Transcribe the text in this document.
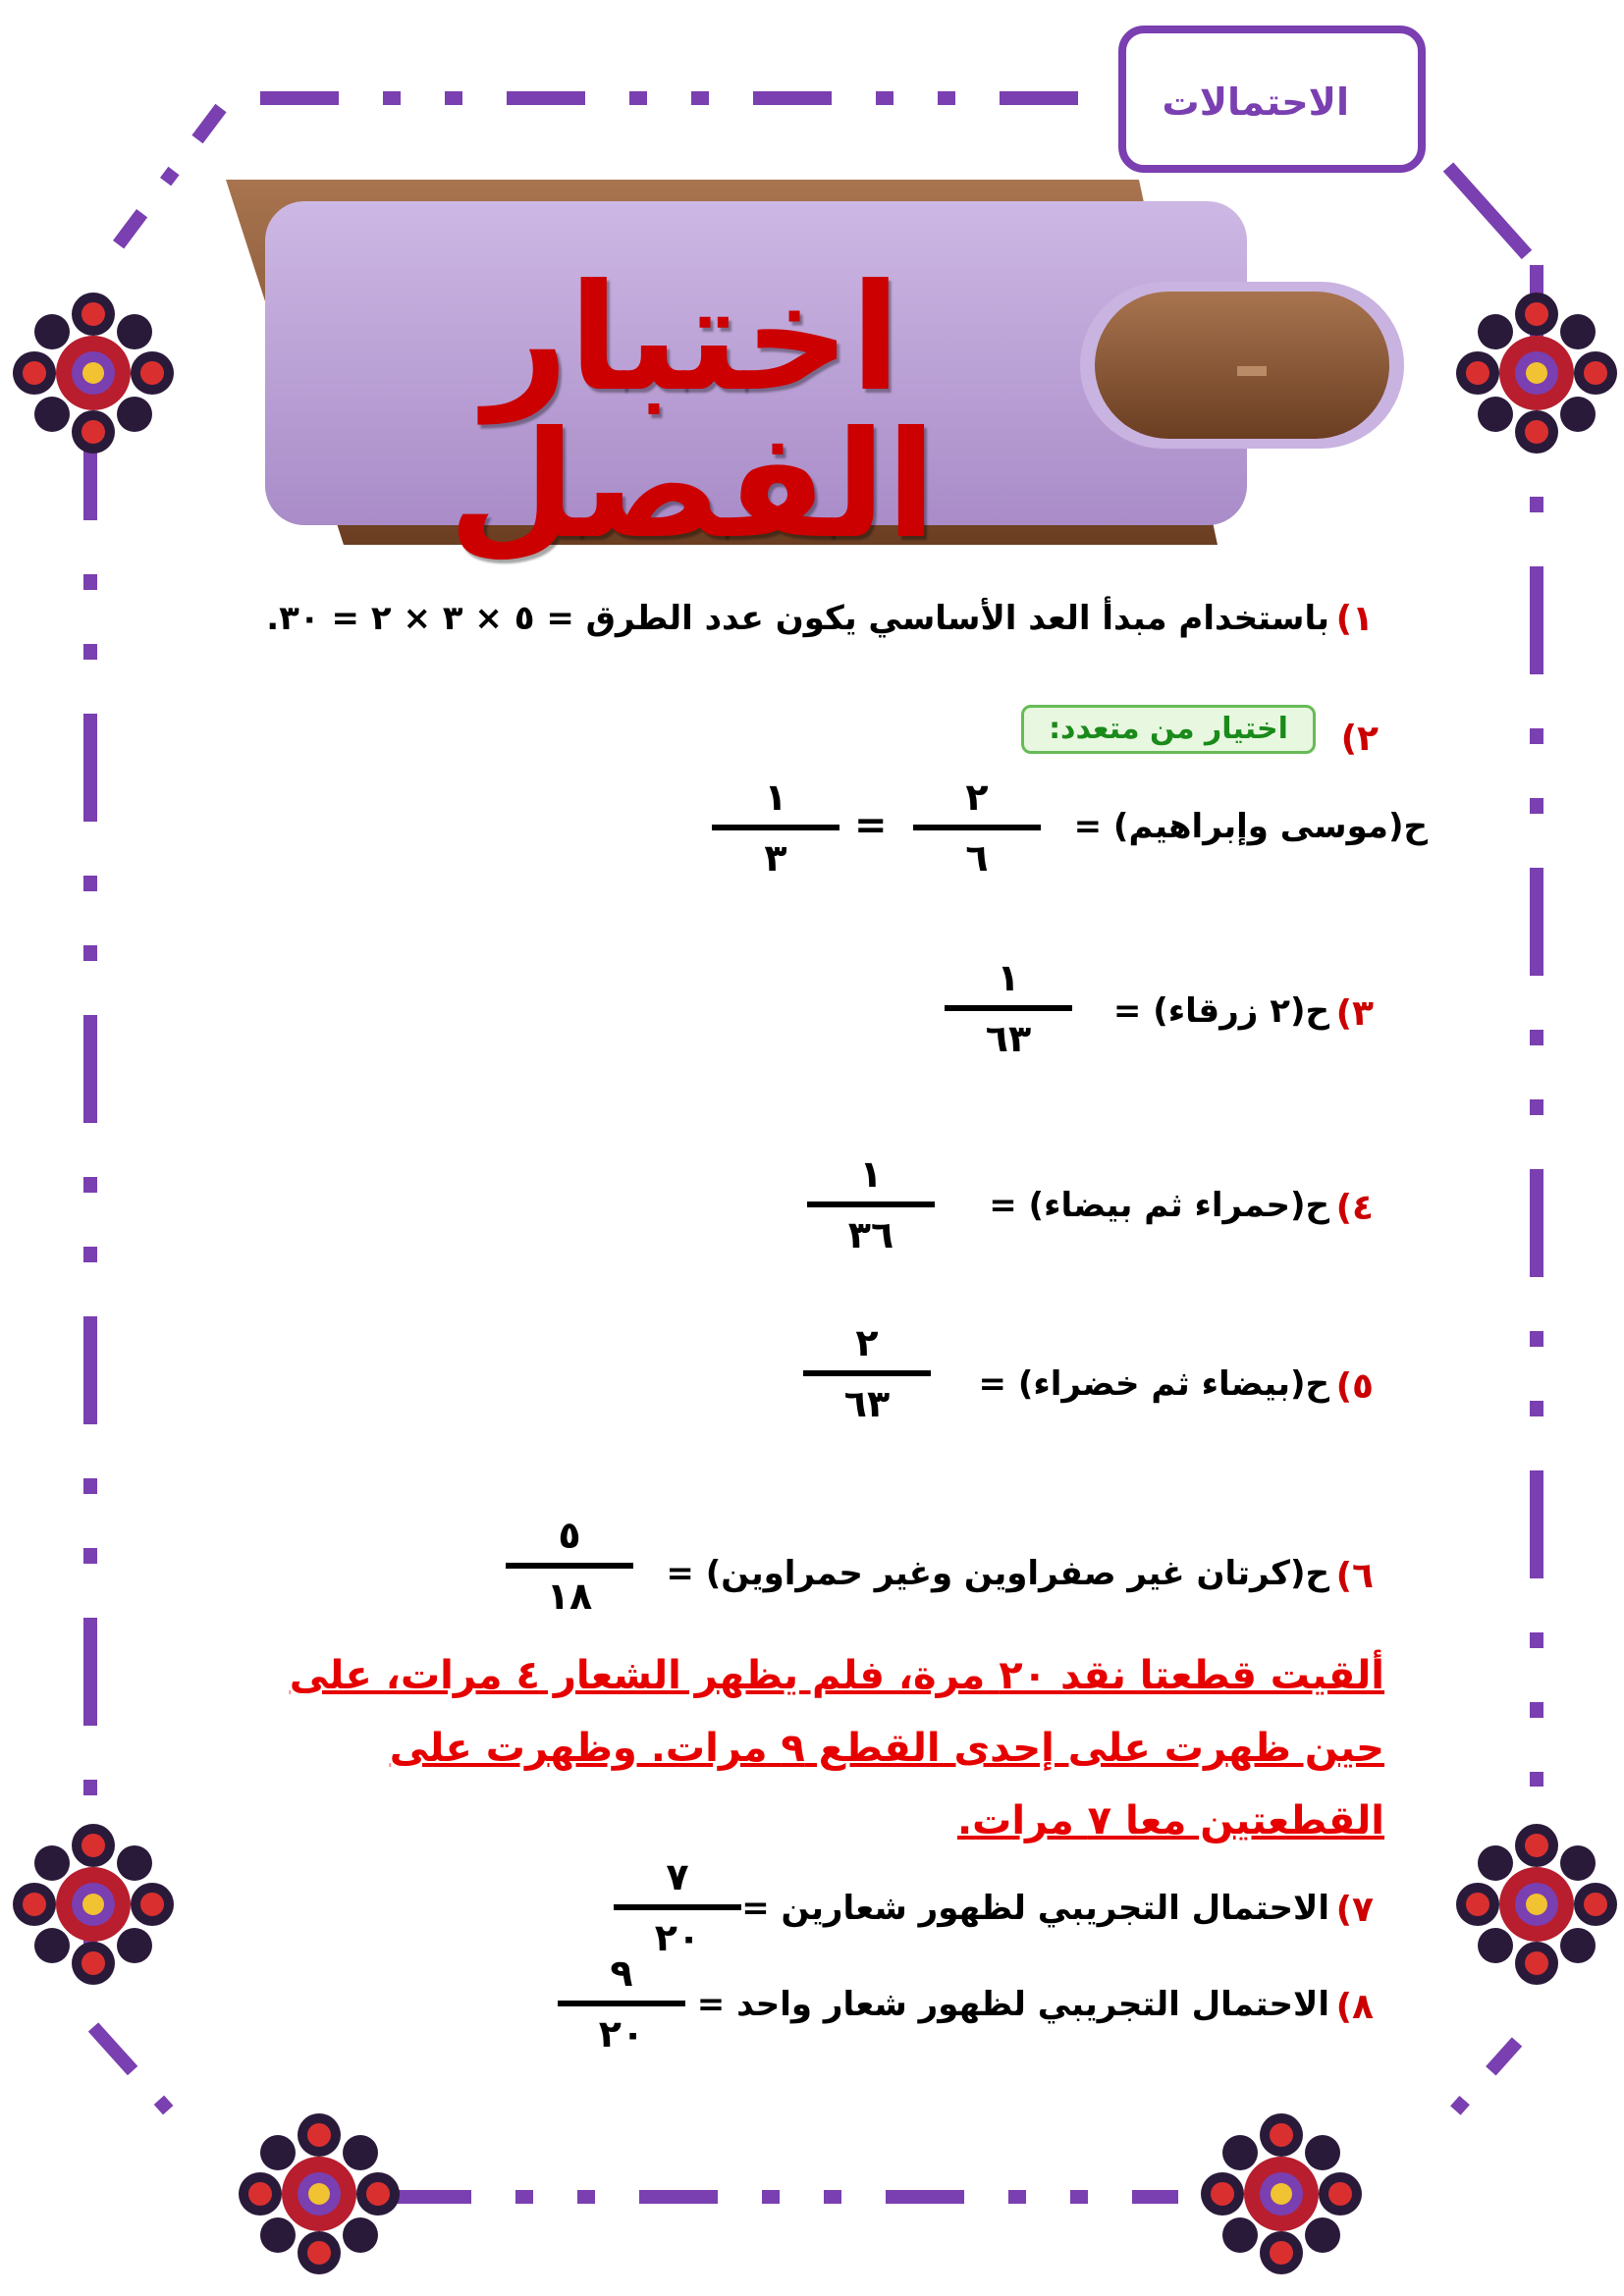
الاحتمالات
اختبار الفصل
١)
باستخدام مبدأ العد الأساسي يكون عدد الطرق = ٥ × ٣ × ٢ = ٣٠.
٢)
اختيار من متعدد:
ح(موسى وإبراهيم) =
٢
٦
=
١
٣
٣)
ح(٢ زرقاء) =
١
٦٣
٤)
ح(حمراء ثم بيضاء) =
١
٣٦
٥)
ح(بيضاء ثم خضراء) =
٢
٦٣
٦)
ح(كرتان غير صفراوين وغير حمراوين) =
٥
١٨
ألقيت قطعتا نقد ٢٠ مرة، فلم يظهر الشعار ٤ مرات، على حين ظهرت على إحدى القطع ٩ مرات. وظهرت على القطعتين معا ٧ مرات.
٧)
الاحتمال التجريبي لظهور شعارين =
٧
٢٠
٨)
الاحتمال التجريبي لظهور شعار واحد =
٩
٢٠
